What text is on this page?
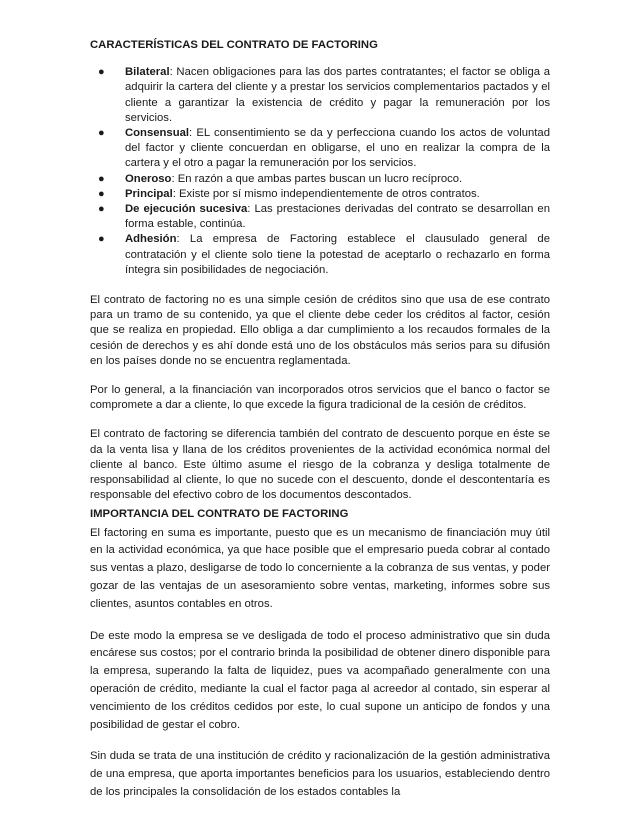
CARACTERÍSTICAS DEL CONTRATO DE FACTORING

● Bilateral: Nacen obligaciones para las dos partes contratantes; el factor se obliga a adquirir la cartera del cliente y a prestar los servicios complementarios pactados y el cliente a garantizar la existencia de crédito y pagar la remuneración por los servicios.
● Consensual: EL consentimiento se da y perfecciona cuando los actos de voluntad del factor y cliente concuerdan en obligarse, el uno en realizar la compra de la cartera y el otro a pagar la remuneración por los servicios.
● Oneroso: En razón a que ambas partes buscan un lucro recíproco.
● Principal: Existe por sí mismo independientemente de otros contratos.
● De ejecución sucesiva: Las prestaciones derivadas del contrato se desarrollan en forma estable, continúa.
● Adhesión: La empresa de Factoring establece el clausulado general de contratación y el cliente solo tiene la potestad de aceptarlo o rechazarlo en forma íntegra sin posibilidades de negociación.

El contrato de factoring no es una simple cesión de créditos sino que usa de ese contrato para un tramo de su contenido, ya que el cliente debe ceder los créditos al factor, cesión que se realiza en propiedad. Ello obliga a dar cumplimiento a los recaudos formales de la cesión de derechos y es ahí donde está uno de los obstáculos más serios para su difusión en los países donde no se encuentra reglamentada.

Por lo general, a la financiación van incorporados otros servicios que el banco o factor se compromete a dar a cliente, lo que excede la figura tradicional de la cesión de créditos.

El contrato de factoring se diferencia también del contrato de descuento porque en éste se da la venta lisa y llana de los créditos provenientes de la actividad económica normal del cliente al banco. Este último asume el riesgo de la cobranza y desliga totalmente de responsabilidad al cliente, lo que no sucede con el descuento, donde el descontentaría es responsable del efectivo cobro de los documentos descontados.

IMPORTANCIA DEL CONTRATO DE FACTORING

El factoring en suma es importante, puesto que es un mecanismo de financiación muy útil en la actividad económica, ya que hace posible que el empresario pueda cobrar al contado sus ventas a plazo, desligarse de todo lo concerniente a la cobranza de sus ventas, y poder gozar de las ventajas de un asesoramiento sobre ventas, marketing, informes sobre sus clientes, asuntos contables en otros.

De este modo la empresa se ve desligada de todo el proceso administrativo que sin duda encárese sus costos; por el contrario brinda la posibilidad de obtener dinero disponible para la empresa, superando la falta de liquidez, pues va acompañado generalmente con una operación de crédito, mediante la cual el factor paga al acreedor al contado, sin esperar al vencimiento de los créditos cedidos por este, lo cual supone un anticipo de fondos y una posibilidad de gestar el cobro.

Sin duda se trata de una institución de crédito y racionalización de la gestión administrativa de una empresa, que aporta importantes beneficios para los usuarios, estableciendo dentro de los principales la consolidación de los estados contables la
